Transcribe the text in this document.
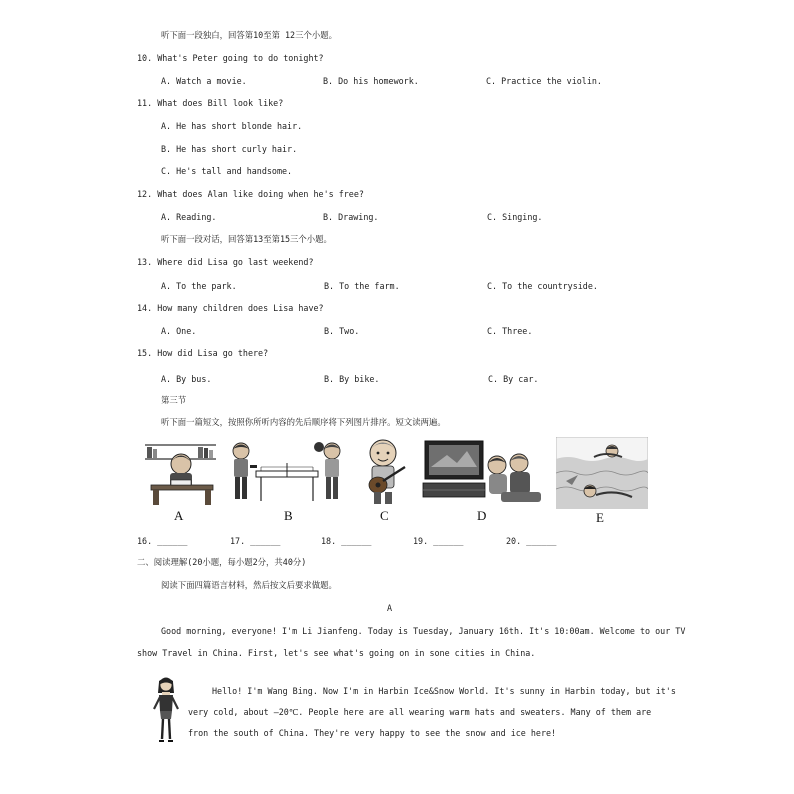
听下面一段独白，回答第10至第 12三个小题。
10. What's Peter going to do tonight?
A. Watch a movie.	B. Do his homework.	C. Practice the violin.
11. What does Bill look like?
A. He has short blonde hair.
B. He has short curly hair.
C. He's tall and handsome.
12. What does Alan like doing when he's free?
A. Reading.	B. Drawing.	C. Singing.
听下面一段对话，回答第13至第15三个小题。
13. Where did Lisa go last weekend?
A. To the park.	B. To the farm.	C. To the countryside.
14. How many children does Lisa have?
A. One.	B. Two.	C. Three.
15. How did Lisa go there?
A. By bus.	B. By bike.	C. By car.
第三节
听下面一篇短文，按照你所听内容的先后顺序将下列图片排序。短文读两遍。
A	B	C	D	E
16. ______	17. ______	18. ______	19. ______	20. ______
二、阅读理解(20小题，每小题2分，共40分)
阅读下面四篇语言材料，然后按文后要求做题。
A
Good morning, everyone! I'm Li Jianfeng. Today is Tuesday, January 16th. It's 10:00am. Welcome to our TV
show Travel in China. First, let's see what's going on in sone cities in China.
Hello! I'm Wang Bing. Now I'm in Harbin Ice&Snow World. It's sunny in Harbin today, but it's
very cold, about —20℃. People here are all wearing warm hats and sweaters. Many of them are
fron the south of China. They're very happy to see the snow and ice here!
